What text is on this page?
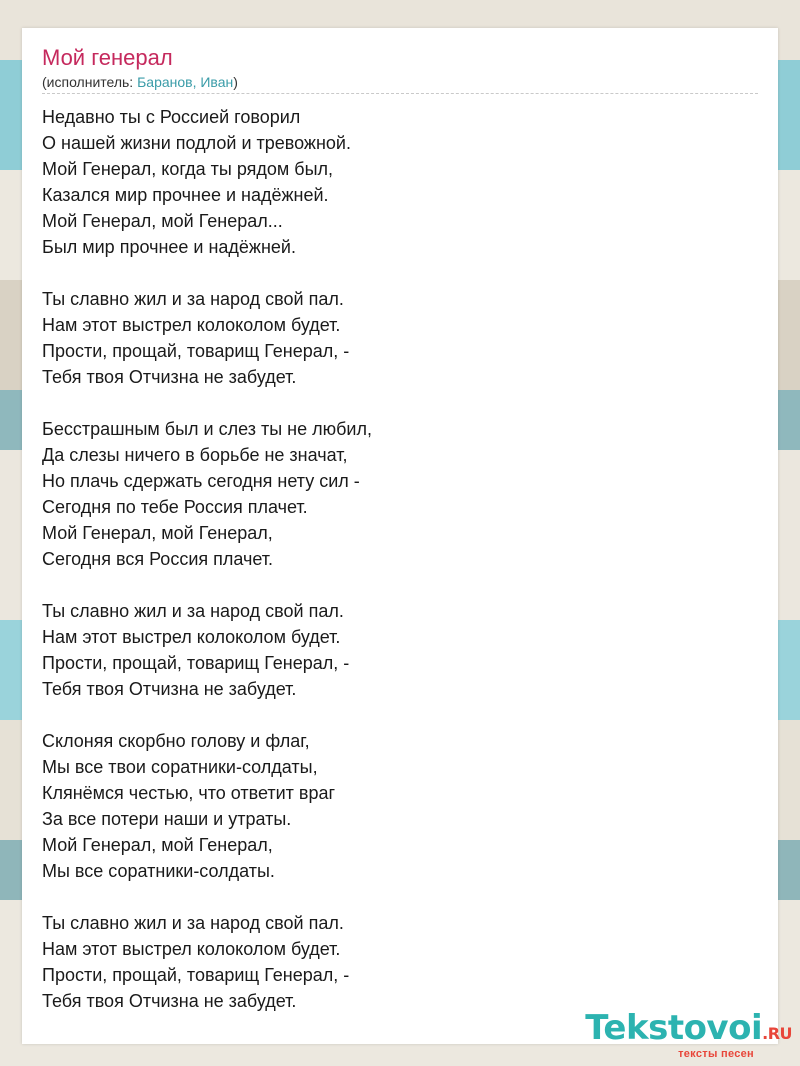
Мой генерал
(исполнитель: Баранов, Иван)
Недавно ты с Россией говорил
О нашей жизни подлой и тревожной.
Мой Генерал, когда ты рядом был,
Казался мир прочнее и надёжней.
Мой Генерал, мой Генерал...
Был мир прочнее и надёжней.
Ты славно жил и за народ свой пал.
Нам этот выстрел колоколом будет.
Прости, прощай, товарищ Генерал, -
Тебя твоя Отчизна не забудет.
Бесстрашным был и слез ты не любил,
Да слезы ничего в борьбе не значат,
Но плачь сдержать сегодня нету сил -
Сегодня по тебе Россия плачет.
Мой Генерал, мой Генерал,
Сегодня вся Россия плачет.
Ты славно жил и за народ свой пал.
Нам этот выстрел колоколом будет.
Прости, прощай, товарищ Генерал, -
Тебя твоя Отчизна не забудет.
Склоняя скорбно голову и флаг,
Мы все твои соратники-солдаты,
Клянёмся честью, что ответит враг
За все потери наши и утраты.
Мой Генерал, мой Генерал,
Мы все соратники-солдаты.
Ты славно жил и за народ свой пал.
Нам этот выстрел колоколом будет.
Прости, прощай, товарищ Генерал, -
Тебя твоя Отчизна не забудет.
Tekstovoi.RU
тексты песен
